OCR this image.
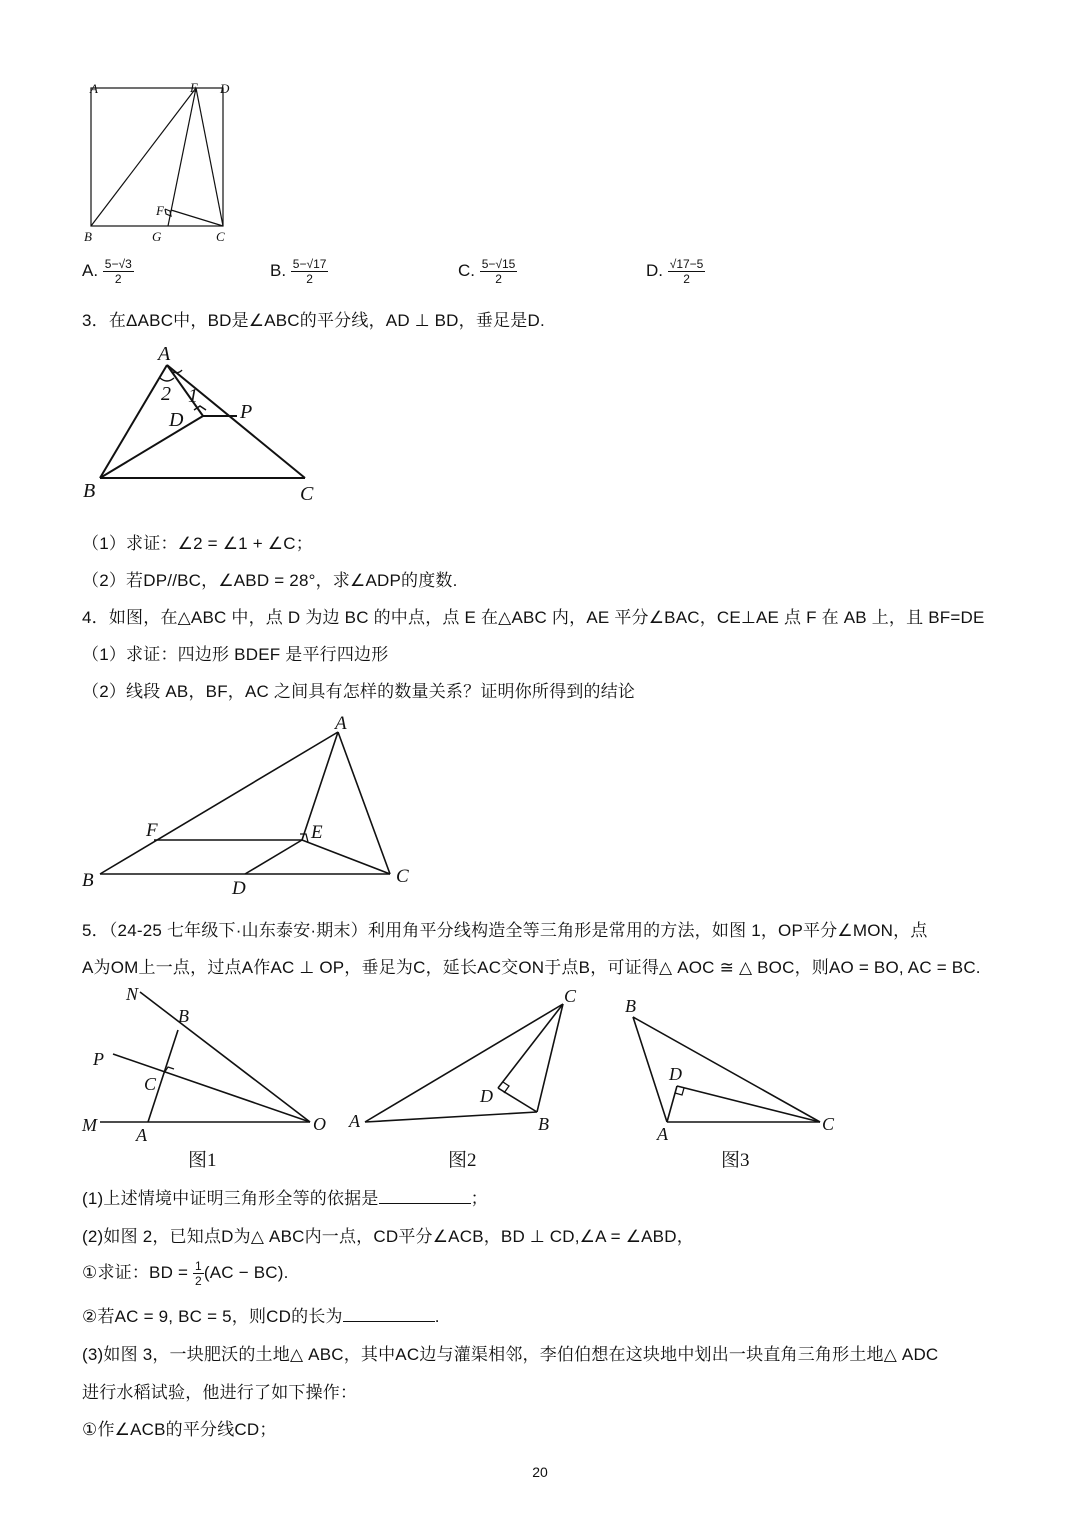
A	E D
F
B	G	C
A. $\frac{5-√3}{2}$	B. $\frac{5-√17}{2}$	C. $\frac{5-√15}{2}$	D. $\frac{√17-5}{2}$
3．在ΔABC中，BD是∠ABC的平分线，AD ⊥ BD，垂足是D.
A
2 1
D	P
B	C
（1）求证：∠2 = ∠1 + ∠C；
（2）若DP//BC，∠ABD = 28°，求∠ADP的度数.
4．如图，在△ABC 中，点 D 为边 BC 的中点，点 E 在△ABC 内，AE 平分∠BAC，CE⊥AE 点 F 在 AB 上，且 BF=DE
（1）求证：四边形 BDEF 是平行四边形
（2）线段 AB，BF，AC 之间具有怎样的数量关系？证明你所得到的结论
A
F	E
B	D
C
5．（24-25 七年级下·山东泰安·期末）利用角平分线构造全等三角形是常用的方法，如图 1，OP平分∠MON，点
A为OM上一点，过点A作AC ⊥ OP，垂足为C，延长AC交ON于点B，可证得△ AOC ≅ △ BOC，则AO = BO, AC = BC.
N
B
P
C
M A
O
图1
C
D
A	B
图2
B
D
A	C
图3
(1)上述情境中证明三角形全等的依据是	；
(2)如图 2，已知点D为△ ABC内一点，CD平分∠ACB，BD ⊥ CD,∠A = ∠ABD，
①求证：BD = $\frac{1}{2} (AC - BC)$.
②若AC = 9, BC = 5，则CD的长为	.
(3)如图 3，一块肥沃的土地△ ABC，其中AC边与灌渠相邻，李伯伯想在这块地中划出一块直角三角形土地△ ADC
进行水稻试验，他进行了如下操作：
①作∠ACB的平分线CD；
20
